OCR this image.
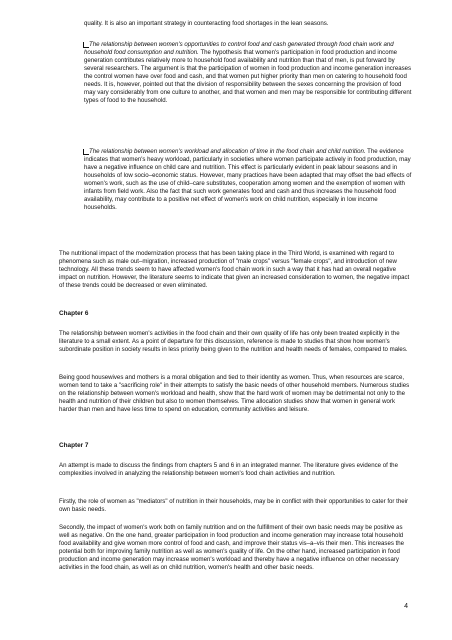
quality. It is also an important strategy in counteracting food shortages in the lean seasons.

The relationship between women's opportunities to control food and cash generated through food chain work and household food consumption and nutrition. The hypothesis that women's participation in food production and income generation contributes relatively more to household food availability and nutrition than that of men, is put forward by several researchers. The argument is that the participation of women in food production and income generation increases the control women have over food and cash, and that women put higher priority than men on catering to household food needs. It is, however, pointed out that the division of responsibility between the sexes concerning the provision of food may vary considerably from one culture to another, and that women and men may be responsible for contributing different types of food to the household.

The relationship between women's workload and allocation of time in the food chain and child nutrition. The evidence indicates that women's heavy workload, particularly in societies where women participate actively in food production, may have a negative influence on child care and nutrition. This effect is particularly evident in peak labour seasons and in households of low socio–economic status. However, many practices have been adapted that may offset the bad effects of women's work, such as the use of child–care substitutes, cooperation among women and the exemption of women with infants from field work. Also the fact that such work generates food and cash and thus increases the household food availability, may contribute to a positive net effect of women's work on child nutrition, especially in low income households.

The nutritional impact of the modernization process that has been taking place in the Third World, is examined with regard to phenomena such as male out–migration, increased production of "male crops" versus "female crops", and introduction of new technology. All these trends seem to have affected women's food chain work in such a way that it has had an overall negative impact on nutrition. However, the literature seems to indicate that given an increased consideration to women, the negative impact of these trends could be decreased or even eliminated.

Chapter 6

The relationship between women's activities in the food chain and their own quality of life has only been treated explicitly in the literature to a small extent. As a point of departure for this discussion, reference is made to studies that show how women's subordinate position in society results in less priority being given to the nutrition and health needs of females, compared to males.

Being good housewives and mothers is a moral obligation and tied to their identity as women. Thus, when resources are scarce, women tend to take a "sacrificing role" in their attempts to satisfy the basic needs of other household members. Numerous studies on the relationship between women's workload and health, show that the hard work of women may be detrimental not only to the health and nutrition of their children but also to women themselves. Time allocation studies show that women in general work harder than men and have less time to spend on education, community activities and leisure.

Chapter 7

An attempt is made to discuss the findings from chapters 5 and 6 in an integrated manner. The literature gives evidence of the complexities involved in analyzing the relationship between women's food chain activities and nutrition.

Firstly, the role of women as "mediators" of nutrition in their households, may be in conflict with their opportunities to cater for their own basic needs.

Secondly, the impact of women's work both on family nutrition and on the fulfillment of their own basic needs may be positive as well as negative. On the one hand, greater participation in food production and income generation may increase total household food availability and give women more control of food and cash, and improve their status vis–a–vis their men. This increases the potential both for improving family nutrition as well as women's quality of life. On the other hand, increased participation in food production and income generation may increase women's workload and thereby have a negative influence on other necessary activities in the food chain, as well as on child nutrition, women's health and other basic needs.

4
